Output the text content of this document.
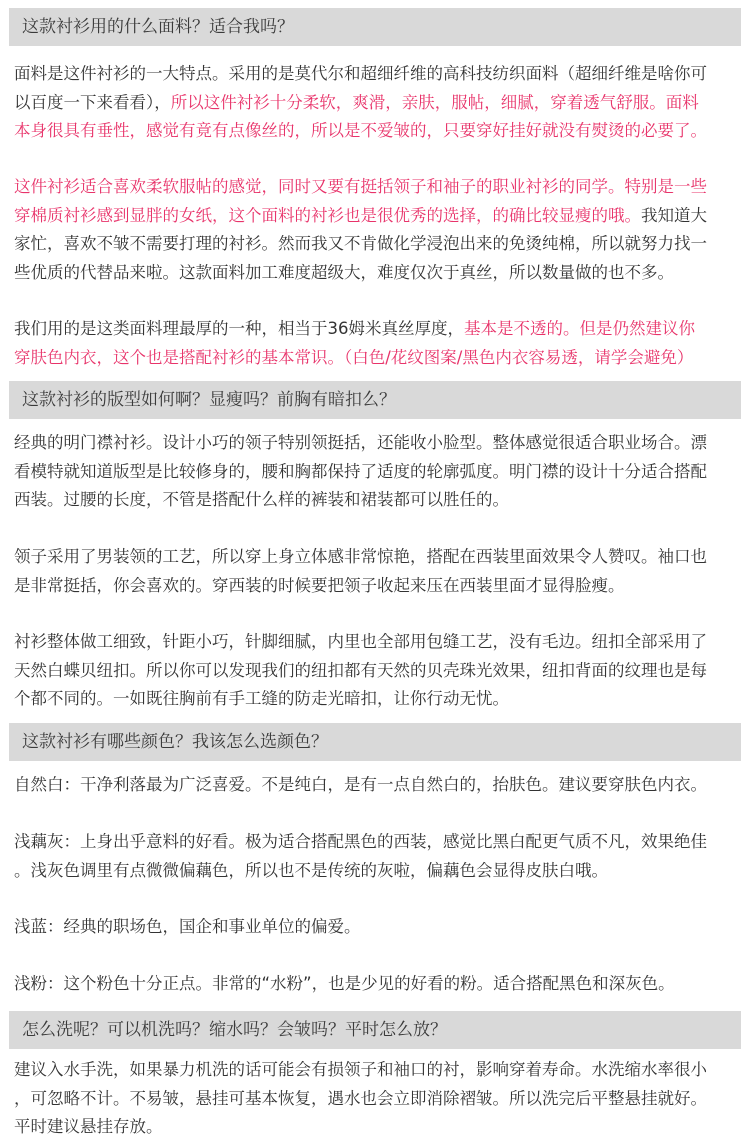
这款衬衫用的什么面料？适合我吗？
面料是这件衬衫的一大特点。采用的是莫代尔和超细纤维的高科技纺织面料（超细纤维是啥你可
以百度一下来看看），所以这件衬衫十分柔软，爽滑，亲肤，服帖，细腻，穿着透气舒服。面料
本身很具有垂性，感觉有竟有点像丝的，所以是不爱皱的，只要穿好挂好就没有熨烫的必要了。
这件衬衫适合喜欢柔软服帖的感觉，同时又要有挺括领子和袖子的职业衬衫的同学。特别是一些
穿棉质衬衫感到显胖的女纸，这个面料的衬衫也是很优秀的选择，的确比较显瘦的哦。我知道大
家忙，喜欢不皱不需要打理的衬衫。然而我又不肯做化学浸泡出来的免烫纯棉，所以就努力找一
些优质的代替品来啦。这款面料加工难度超级大，难度仅次于真丝，所以数量做的也不多。
我们用的是这类面料理最厚的一种，相当于36姆米真丝厚度，基本是不透的。但是仍然建议你
穿肤色内衣，这个也是搭配衬衫的基本常识。（白色/花纹图案/黑色内衣容易透，请学会避免）
这款衬衫的版型如何啊？显瘦吗？前胸有暗扣么？
经典的明门襟衬衫。设计小巧的领子特别领挺括，还能收小脸型。整体感觉很适合职业场合。漂
看模特就知道版型是比较修身的，腰和胸都保持了适度的轮廓弧度。明门襟的设计十分适合搭配
西装。过腰的长度，不管是搭配什么样的裤装和裙装都可以胜任的。
领子采用了男装领的工艺，所以穿上身立体感非常惊艳，搭配在西装里面效果令人赞叹。袖口也
是非常挺括，你会喜欢的。穿西装的时候要把领子收起来压在西装里面才显得脸瘦。
衬衫整体做工细致，针距小巧，针脚细腻，内里也全部用包缝工艺，没有毛边。纽扣全部采用了
天然白蝶贝纽扣。所以你可以发现我们的纽扣都有天然的贝壳珠光效果，纽扣背面的纹理也是每
个都不同的。一如既往胸前有手工缝的防走光暗扣，让你行动无忧。
这款衬衫有哪些颜色？我该怎么选颜色？
自然白：干净利落最为广泛喜爱。不是纯白，是有一点自然白的，抬肤色。建议要穿肤色内衣。
浅藕灰：上身出乎意料的好看。极为适合搭配黑色的西装，感觉比黑白配更气质不凡，效果绝佳
。浅灰色调里有点微微偏藕色，所以也不是传统的灰啦，偏藕色会显得皮肤白哦。
浅蓝：经典的职场色，国企和事业单位的偏爱。
浅粉：这个粉色十分正点。非常的“水粉”，也是少见的好看的粉。适合搭配黑色和深灰色。
怎么洗呢？可以机洗吗？缩水吗？会皱吗？平时怎么放？
建议入水手洗，如果暴力机洗的话可能会有损领子和袖口的衬，影响穿着寿命。水洗缩水率很小
，可忽略不计。不易皱，悬挂可基本恢复，遇水也会立即消除褶皱。所以洗完后平整悬挂就好。
平时建议悬挂存放。
